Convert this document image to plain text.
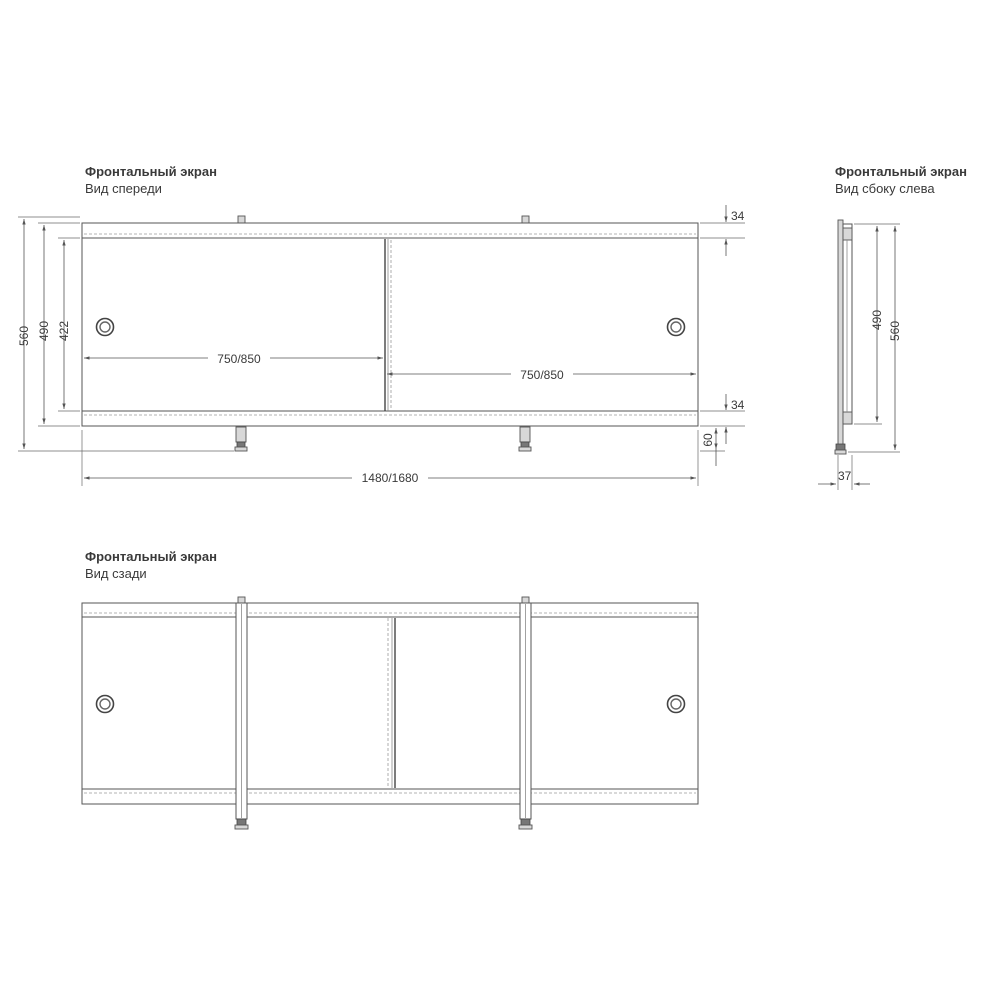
Фронтальный экран
Вид спереди
560 490 422
750/850
750/850
34
34
60
1480/1680
Фронтальный экран
Вид сбоку слева
490
560
37
Фронтальный экран
Вид сзади
